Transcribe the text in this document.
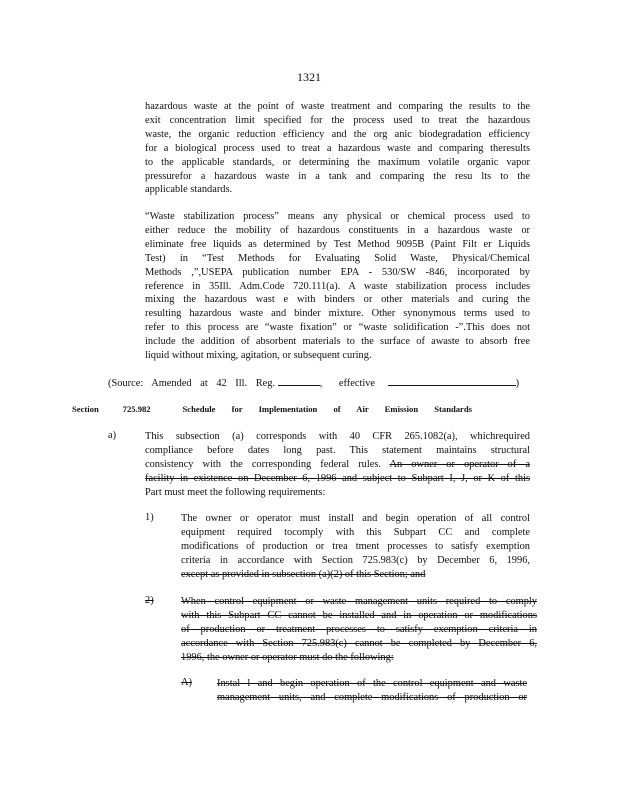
1321
hazardous waste at the point of waste treatment and comparing the results to the
exit concentration limit specified for the process used to treat the hazardous
waste, the organic reduction efficiency and the org anic biodegradation efficiency
for a biological process used to treat a hazardous waste and comparing theresults
to the applicable standards, or determining the maximum volatile organic vapor
pressurefor a hazardous waste in a tank and comparing the resu lts to the
applicable standards.
“Waste stabilization process” means any physical or chemical process used to
either reduce the mobility of hazardous constituents in a hazardous waste or
eliminate free liquids as determined by Test Method 9095B (Paint Filt er Liquids
Test) in “Test Methods for Evaluating Solid Waste, Physical/Chemical
Methods ,”,USEPA publication number EPA - 530/SW -846, incorporated by
reference in 35Ill. Adm.Code 720.111(a). A waste stabilization process includes
mixing the hazardous wast e with binders or other materials and curing the
resulting hazardous waste and binder mixture. Other synonymous terms used to
refer to this process are “waste fixation” or “waste solidification -”.This does not
include the addition of absorbent materials to the surface of awaste to absorb free
liquid without mixing, agitation, or subsequent curing.
(Source: Amended at 42 Ill. Reg.	, effective	)
Section	725.982	Schedule for Implementation of Air Emission Standards
a)	This subsection (a) corresponds with 40 CFR 265.1082(a), whichrequired
compliance before dates long past. This statement maintains structural
consistency with the corresponding federal rules. An owner or operator of a
facility in existence on December 6, 1996 and subject to Subpart I, J, or K of this
Part must meet the following requirements:
1)	The owner or operator must install and begin operation of all control
equipment required tocomply with this Subpart CC and complete
modifications of production or trea tment processes to satisfy exemption
criteria in accordance with Section 725.983(c) by December 6, 1996,
except as provided in subsection (a)(2) of this Section; and
2)	When control equipment or waste management units required to comply
with this Subpart CC cannot be installed and in operation or modifications
of production or treatment processes to satisfy exemption criteria in
accordance with Section 725.983(c) cannot be completed by December 6,
1996, the owner or operator must do the following:
A) Instal l and begin operation of the control equipment and waste
management units, and complete modifications of production or
